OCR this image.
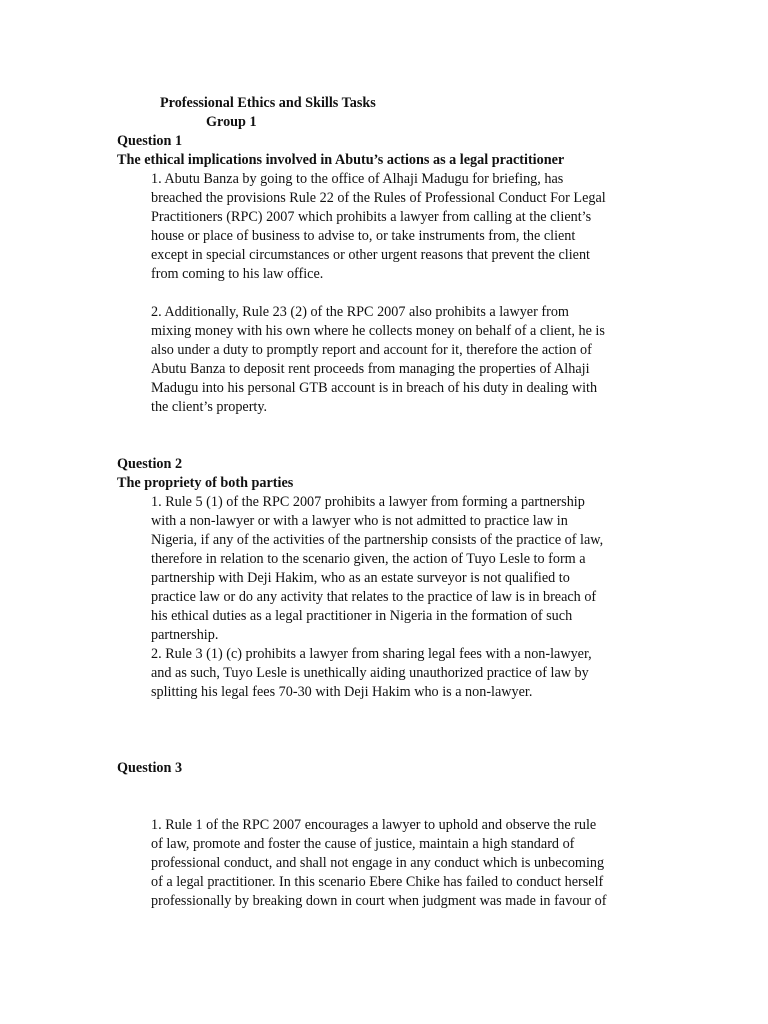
Professional Ethics and Skills Tasks
Group 1
Question 1
The ethical implications involved in Abutu’s actions as a legal practitioner
1. Abutu Banza by going to the office of Alhaji Madugu for briefing, has
breached the provisions Rule 22 of the Rules of Professional Conduct For Legal
Practitioners (RPC) 2007 which prohibits a lawyer from calling at the client’s
house or place of business to advise to, or take instruments from, the client
except in special circumstances or other urgent reasons that prevent the client
from coming to his law office.
2. Additionally, Rule 23 (2) of the RPC 2007 also prohibits a lawyer from
mixing money with his own where he collects money on behalf of a client, he is
also under a duty to promptly report and account for it, therefore the action of
Abutu Banza to deposit rent proceeds from managing the properties of Alhaji
Madugu into his personal GTB account is in breach of his duty in dealing with
the client’s property.
Question 2
The propriety of both parties
1. Rule 5 (1) of the RPC 2007 prohibits a lawyer from forming a partnership
with a non-lawyer or with a lawyer who is not admitted to practice law in
Nigeria, if any of the activities of the partnership consists of the practice of law,
therefore in relation to the scenario given, the action of Tuyo Lesle to form a
partnership with Deji Hakim, who as an estate surveyor is not qualified to
practice law or do any activity that relates to the practice of law is in breach of
his ethical duties as a legal practitioner in Nigeria in the formation of such
partnership.
2. Rule 3 (1) (c) prohibits a lawyer from sharing legal fees with a non-lawyer,
and as such, Tuyo Lesle is unethically aiding unauthorized practice of law by
splitting his legal fees 70-30 with Deji Hakim who is a non-lawyer.
Question 3
1. Rule 1 of the RPC 2007 encourages a lawyer to uphold and observe the rule
of law, promote and foster the cause of justice, maintain a high standard of
professional conduct, and shall not engage in any conduct which is unbecoming
of a legal practitioner. In this scenario Ebere Chike has failed to conduct herself
professionally by breaking down in court when judgment was made in favour of
